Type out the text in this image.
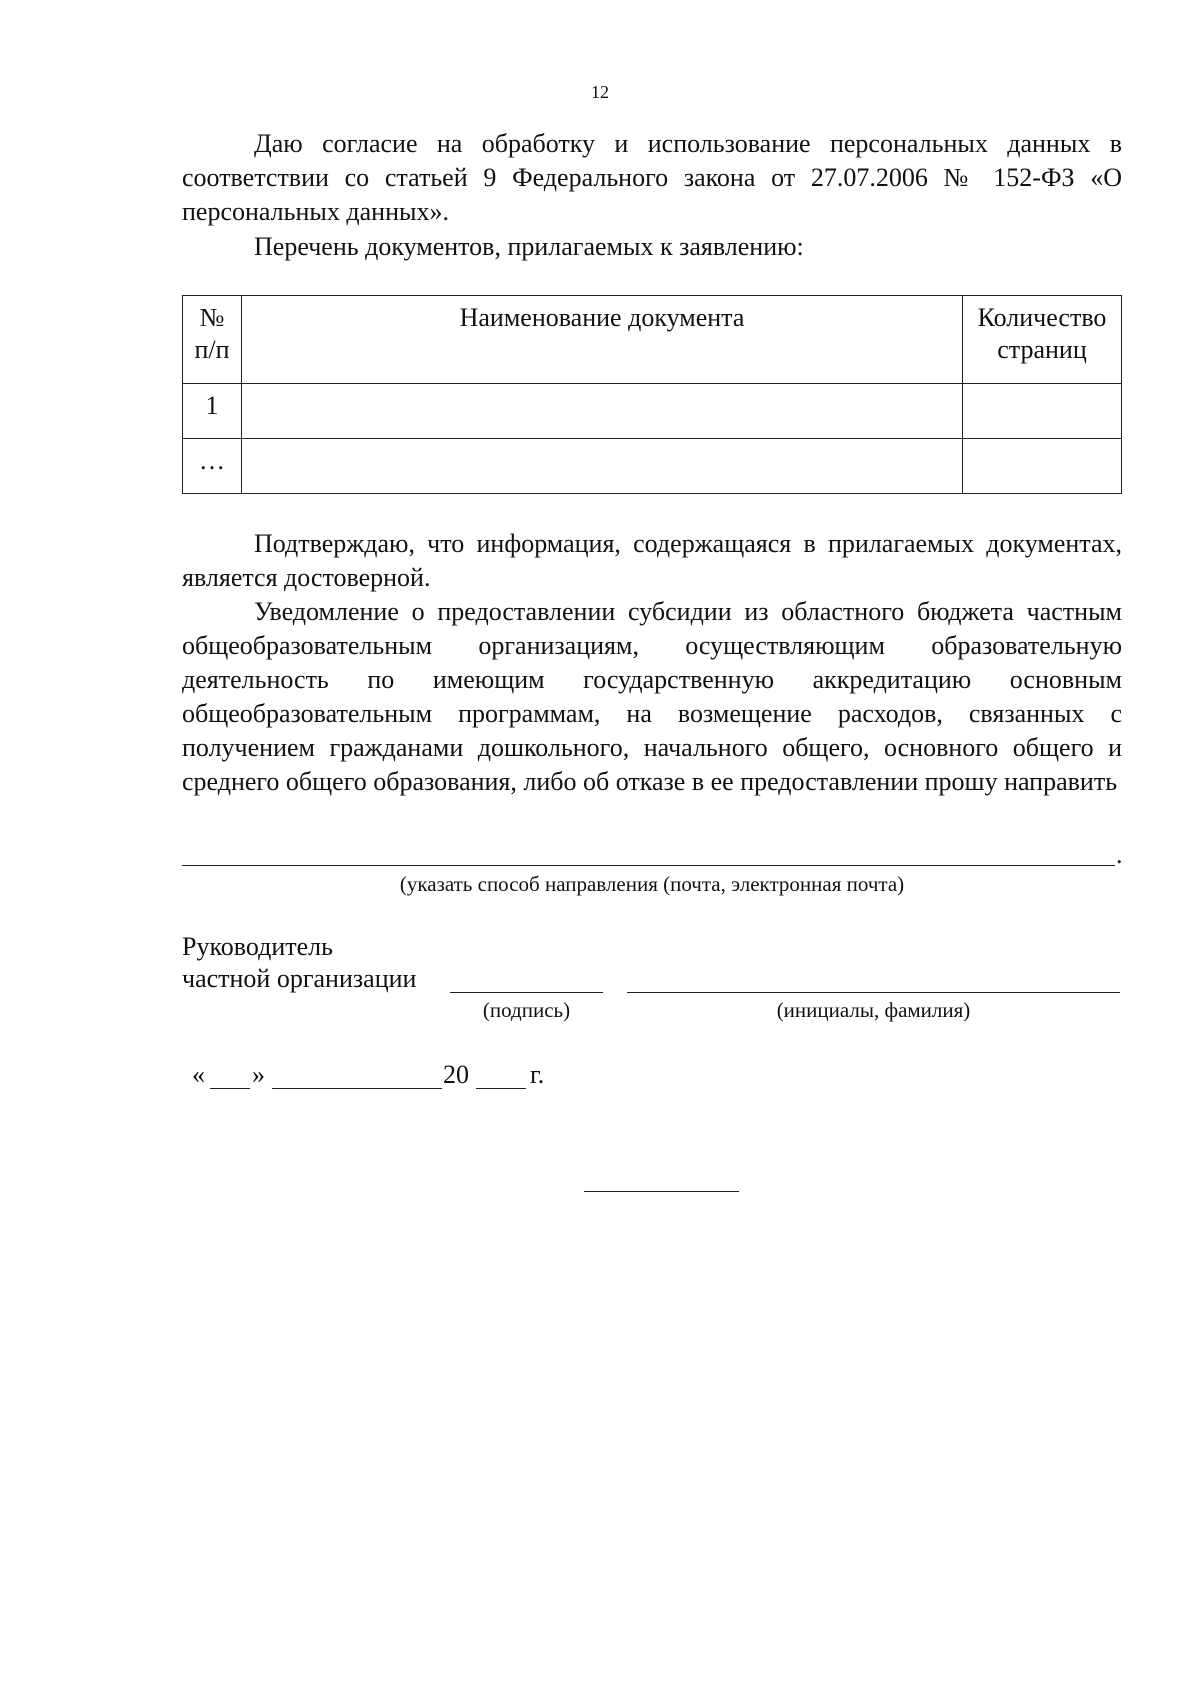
12
Даю согласие на обработку и использование персональных данных в соответствии со статьей 9 Федерального закона от 27.07.2006 № 152-ФЗ «О персональных данных».
Перечень документов, прилагаемых к заявлению:
№ п/п	Наименование документа	Количество страниц
1		
…		
Подтверждаю, что информация, содержащаяся в прилагаемых документах, является достоверной.
Уведомление о предоставлении субсидии из областного бюджета частным общеобразовательным организациям, осуществляющим образовательную деятельность по имеющим государственную аккредитацию основным общеобразовательным программам, на возмещение расходов, связанных с получением гражданами дошкольного, начального общего, основного общего и среднего общего образования, либо об отказе в ее предоставлении прошу направить
.
(указать способ направления (почта, электронная почта)
Руководитель
частной организации
(подпись)	(инициалы, фамилия)
« »	20 г.
